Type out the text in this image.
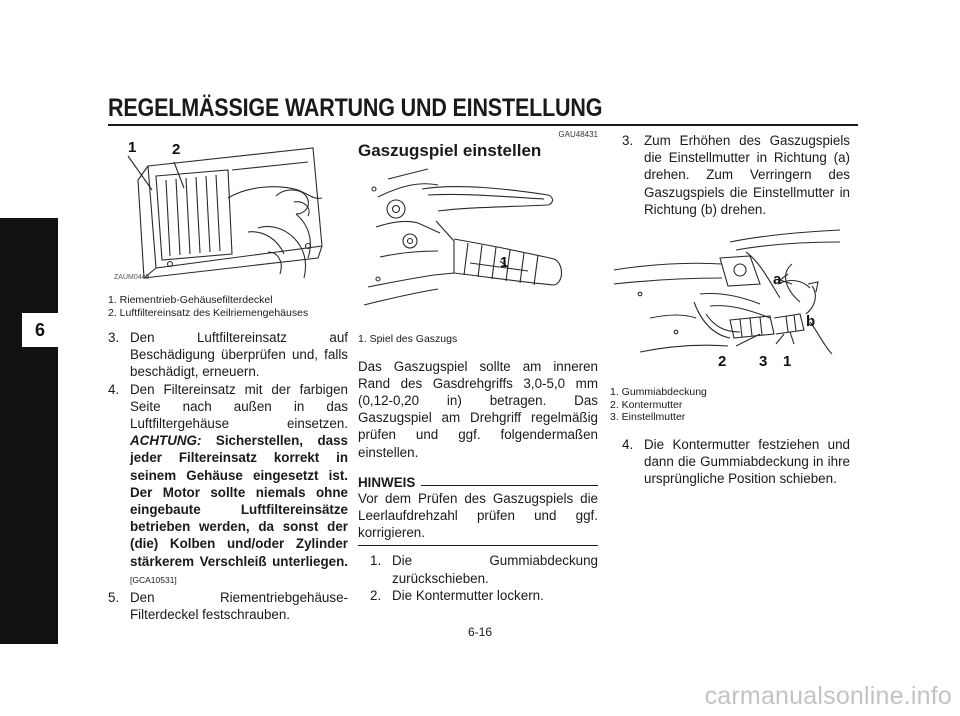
REGELMÄSSIGE WARTUNG UND EINSTELLUNG
6
1 2
ZAUM0449
1. Riementrieb-Gehäusefilterdeckel
2. Luftfiltereinsatz des Keilriemengehäuses
3. Den Luftfiltereinsatz auf Beschädigung überprüfen und, falls beschädigt, erneuern.
4. Den Filtereinsatz mit der farbigen Seite nach außen in das Luftfiltergehäuse einsetzen. ACHTUNG: Sicherstellen, dass jeder Filtereinsatz korrekt in seinem Gehäuse eingesetzt ist. Der Motor sollte niemals ohne eingebaute Luftfiltereinsätze betrieben werden, da sonst der (die) Kolben und/oder Zylinder stärkerem Verschleiß unterliegen. [GCA10531]
5. Den Riementriebgehäuse-Filterdeckel festschrauben.
GAU48431
Gaszugspiel einstellen
1
1. Spiel des Gaszugs

Das Gaszugspiel sollte am inneren Rand des Gasdrehgriffs 3,0-5,0 mm (0,12-0,20 in) betragen. Das Gaszugspiel am Drehgriff regelmäßig prüfen und ggf. folgendermaßen einstellen.

HINWEIS

Vor dem Prüfen des Gaszugspiels die Leerlaufdrehzahl prüfen und ggf. korrigieren.

1. Die Gummiabdeckung zurückschieben.
2. Die Kontermutter lockern.
3. Zum Erhöhen des Gaszugspiels die Einstellmutter in Richtung (a) drehen. Zum Verringern des Gaszugspiels die Einstellmutter in Richtung (b) drehen.
a
b
2 3 1
1. Gummiabdeckung
2. Kontermutter
3. Einstellmutter
4. Die Kontermutter festziehen und dann die Gummiabdeckung in ihre ursprüngliche Position schieben.
6-16
carmanualsonline.info
